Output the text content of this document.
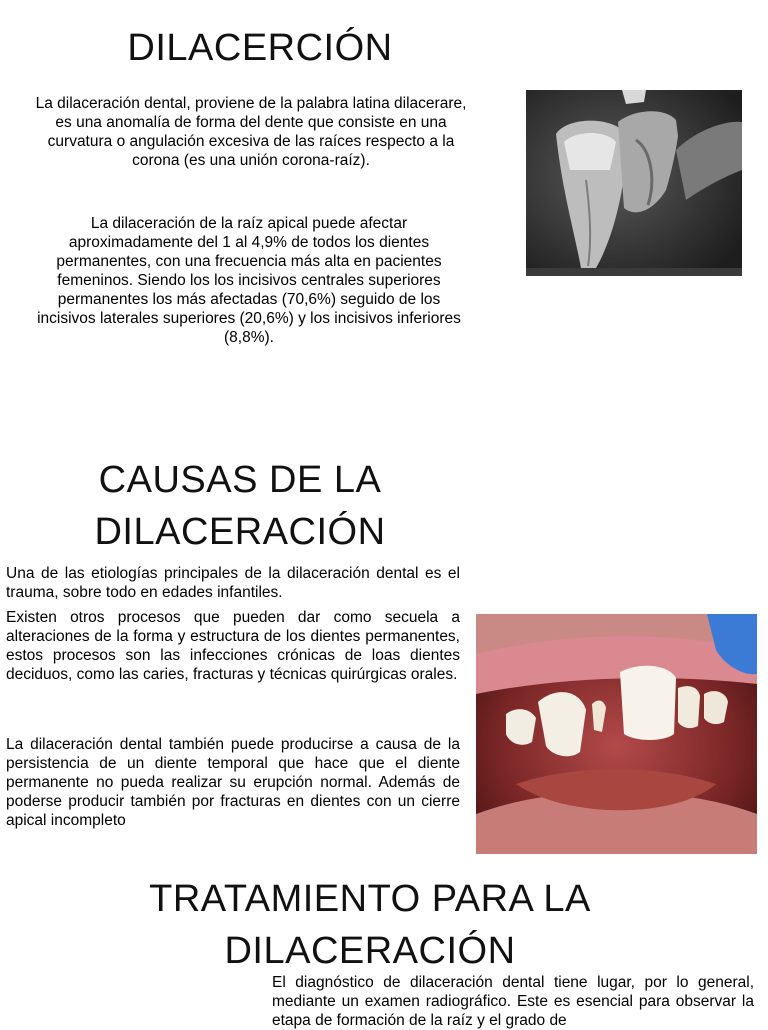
DILACERCIÓN

La dilaceración dental, proviene de la palabra latina dilacerare, es una anomalía de forma del dente que consiste en una curvatura o angulación excesiva de las raíces respecto a la corona (es una unión corona-raíz).

La dilaceración de la raíz apical puede afectar aproximadamente del 1 al 4,9% de todos los dientes permanentes, con una frecuencia más alta en pacientes femeninos. Siendo los los incisivos centrales superiores permanentes los más afectadas (70,6%) seguido de los incisivos laterales superiores (20,6%) y los incisivos inferiores (8,8%).

CAUSAS DE LA
DILACERACIÓN

Una de las etiologías principales de la dilaceración dental es el trauma, sobre todo en edades infantiles.

Existen otros procesos que pueden dar como secuela a alteraciones de la forma y estructura de los dientes permanentes, estos procesos son las infecciones crónicas de loas dientes deciduos, como las caries, fracturas y técnicas quirúrgicas orales.

La dilaceración dental también puede producirse a causa de la persistencia de un diente temporal que hace que el diente permanente no pueda realizar su erupción normal. Además de poderse producir también por fracturas en dientes con un cierre apical incompleto

TRATAMIENTO PARA LA
DILACERACIÓN

El diagnóstico de dilaceración dental tiene lugar, por lo general, mediante un examen radiográfico. Este es esencial para observar la etapa de formación de la raíz y el grado de
